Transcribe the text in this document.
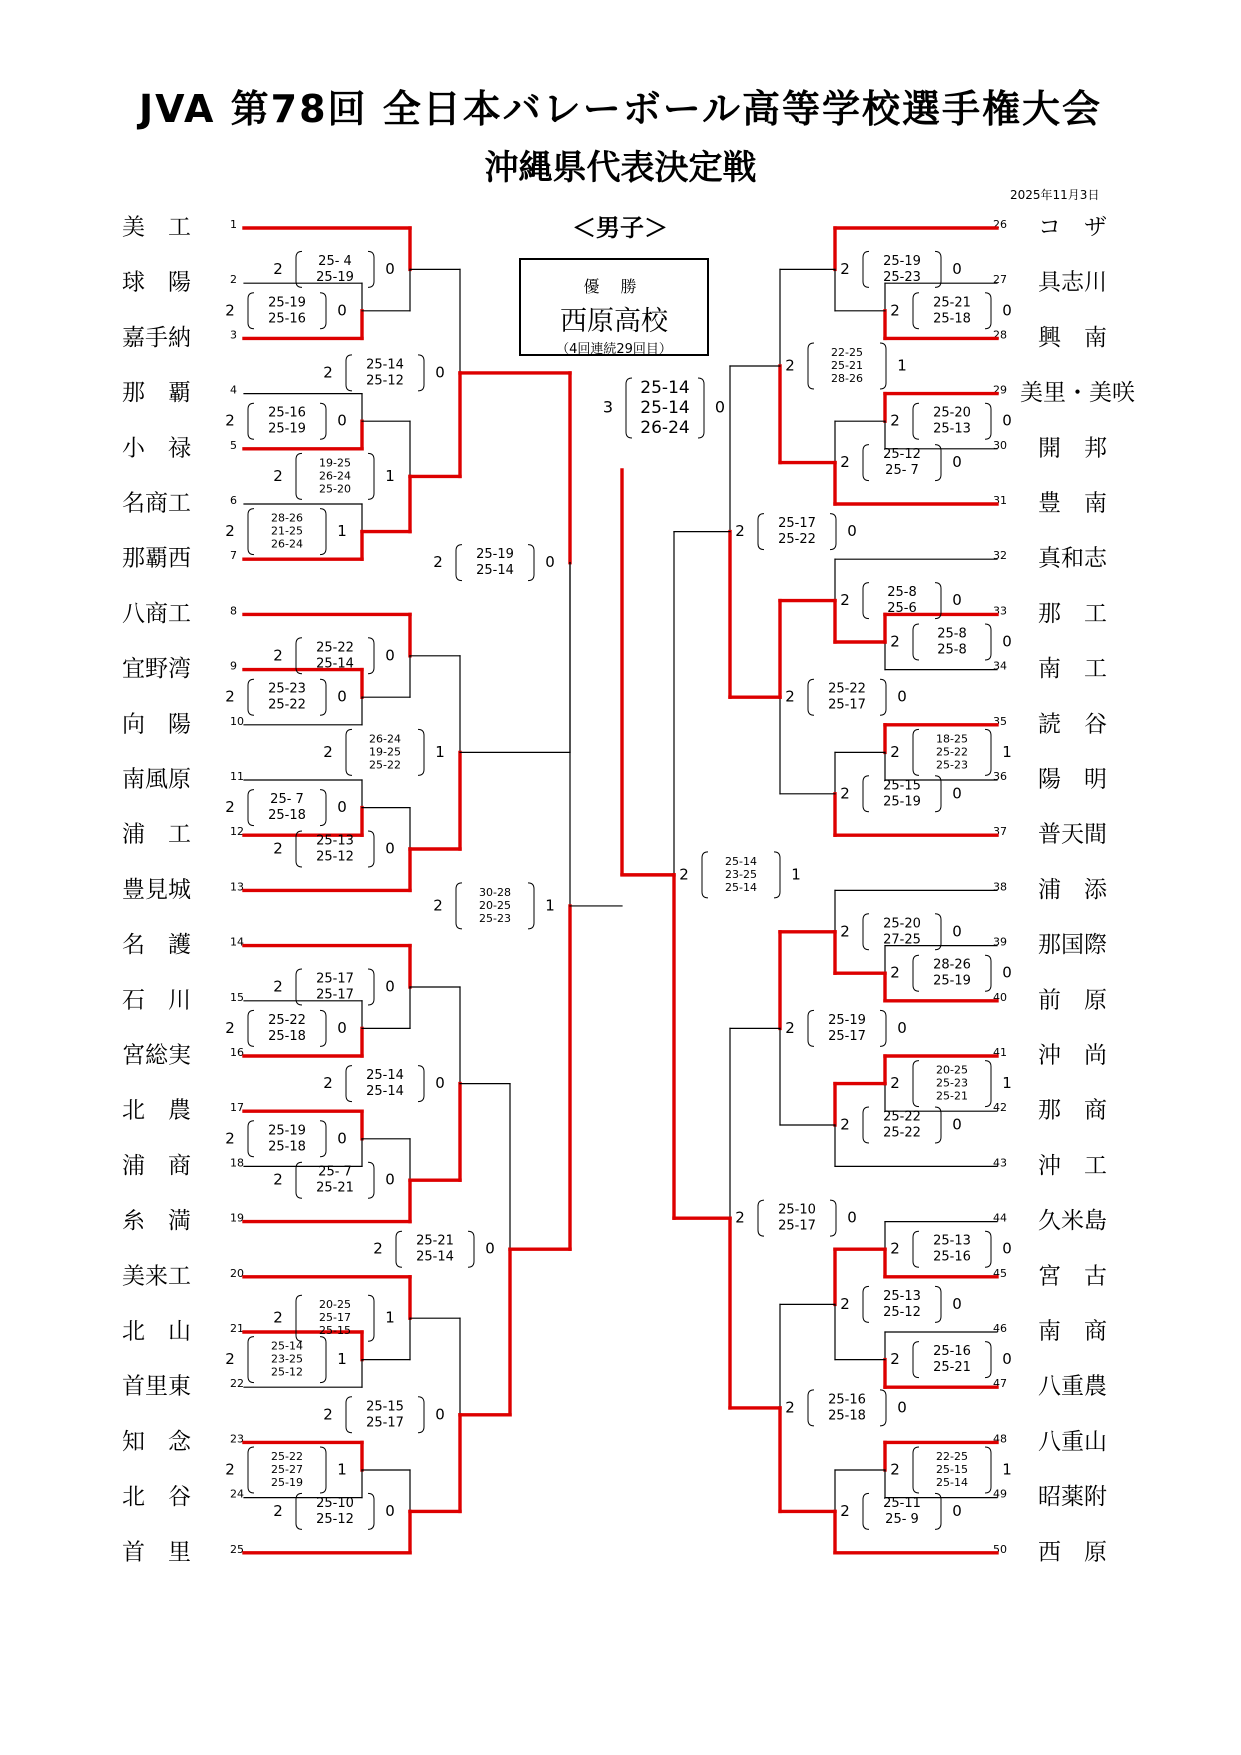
JVA 第78回 全日本バレーボール高等学校選手権大会
沖縄県代表決定戦
2025年11月3日
＜男子＞
優 勝
西原高校
（4回連続29回目）
美　工	1
球　陽	2
嘉手納	3
那　覇	4
小　禄	5
名商工	6
那覇西	7
八商工	8
宜野湾	9
向　陽	10
南風原	11
浦　工	12
豊見城	13
名　護	14
石　川	15
宮総実	16
北　農	17
浦　商	18
糸　満	19
美来工	20
北　山	21
首里東	22
知　念	23
北　谷	24
首　里	25
コ　ザ
26
具志川
27
興　南
28
美里・美咲
29
開　邦
30
豊　南
31
真和志
32
那　工
33
南　工
34
読　谷
35
陽　明
36
普天間
37
浦　添
38
那国際
39
前　原
40
沖　尚
41
那　商
42
沖　工
43
久米島
44
宮　古
45
南　商
46
八重農
47
八重山
48
昭薬附
49
西　原
50
2	25-19
25-16 0
2	25-16
25-19 0
2
28-26
21-25
26-24
1
2	25-23
25-22 0
2	25- 7
25-18 0
2	25-13
25-12 0
2	25-22
25-18 0
2	25-19
25-18 0
2	25- 7
25-21 0
2
25-14
23-25
25-12
1
2
25-22
25-27
25-19
1
2	25-10
25-12 0
2	25-21
25-18 0
2	25-20
25-13 0
2	25-12
25- 7 0
2	25-8
25-8 0
2
18-25
25-22
25-23
1
2	25-15
25-19 0
2	28-26
25-19 0
2
20-25
25-23
25-21
1
2	25-22
25-22 0
2	25-13
25-16 0
2	25-16
25-21 0
2
22-25
25-15
25-14
1
2	25-11
25- 9 0
2	25- 4
25-19 0
2
19-25
26-24
25-20
1
2	25-22
25-14 0
2
26-24
19-25
25-22
1
2	25-17
25-17 0
2	25-14
25-14 0
2
20-25
25-17
25-15
1
2	25-15
25-17 0
2	25-19
25-23 0
2
22-25
25-21
28-26
1
2	25-8
25-6 0
2	25-22
25-17 0
2	25-20
27-25 0
2	25-19
25-17 0
2	25-13
25-12 0
2	25-16
25-18 0
2	25-14
25-12 0
2	25-19
25-14 0
2	25-21
25-14 0
2	25-17
25-22 0
2	25-10
25-17 0
2
30-28
20-25
25-23
1
2
25-14
23-25
25-14
1
3
25-14
25-14
26-24
0
